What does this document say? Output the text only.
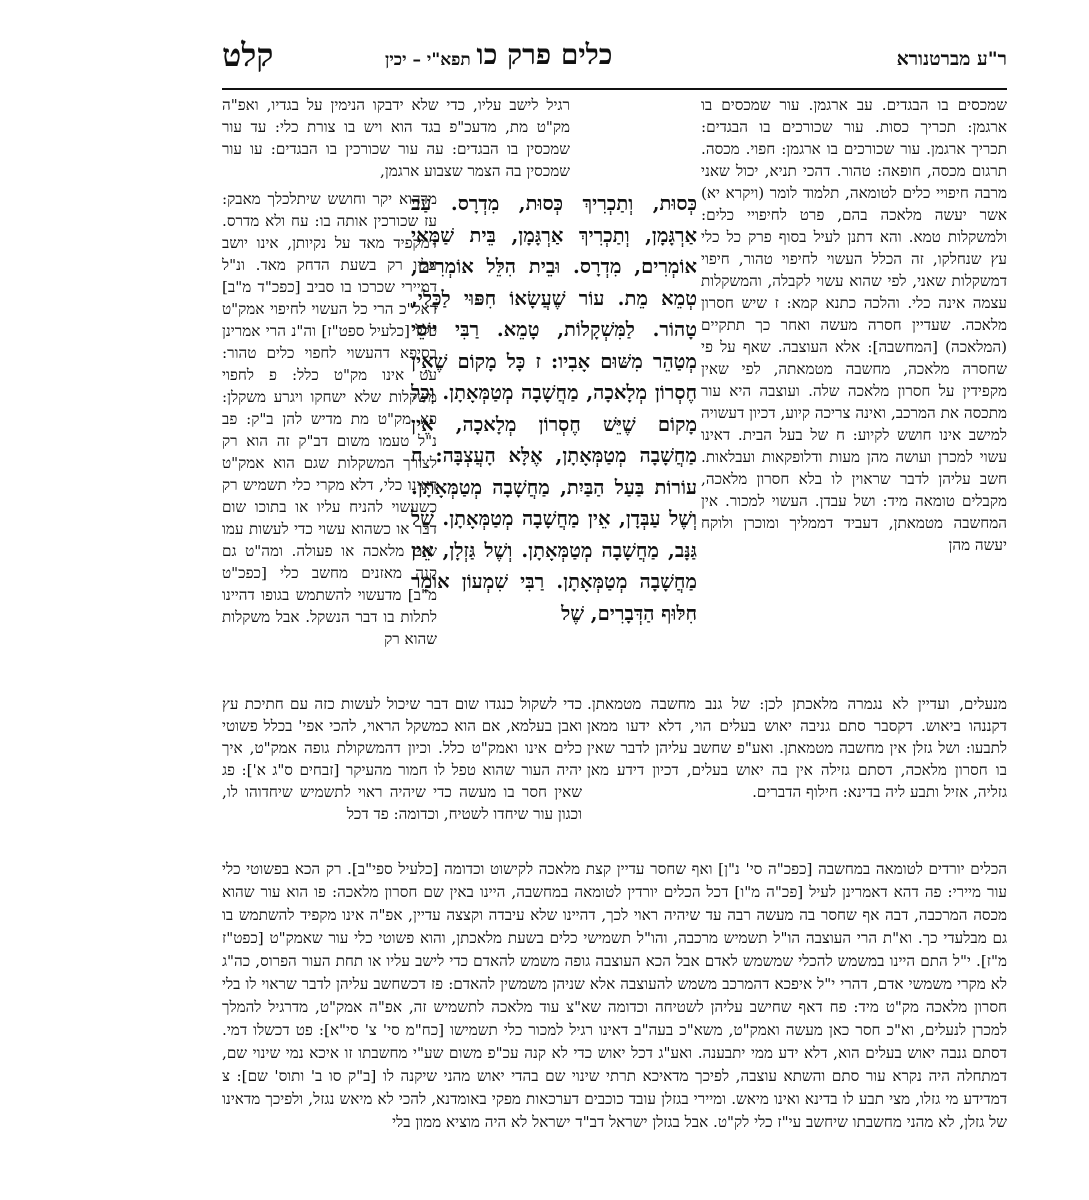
ר"ע מברטנורא
כלים פרק כו
תפא"י – יכין
קלט

שמכסים בו הבגדים. עב ארגמן. עור שמכסים בו ארגמן: תכריך כסות. עור שכורכים בו הבגדים: תכריך ארגמן. עור שכורכים בו ארגמן: חפוי. מכסה. תרגום מכסה, חופאה: טהור. דהכי תניא, יכול שאני מרבה חיפויי כלים לטומאה, תלמוד לומר (ויקרא יא) אשר יעשה מלאכה בהם, פרט לחיפויי כלים: ולמשקלות טמא. והא דתנן לעיל בסוף פרק כל כלי עץ שנחלקו, זה הכלל העשוי לחיפוי טהור, חיפוי דמשקלות שאני, לפי שהוא עשוי לקבלה, והמשקלות עצמה אינה כלי. והלכה כתנא קמא: ז שיש חסרון מלאכה. שעדיין חסרה מעשה ואחר כך תתקיים (המלאכה) [המחשבה]: אלא העוצבה. שאף על פי שחסרה מלאכה, מחשבה מטמאתה, לפי שאין מקפידין על חסרון מלאכה שלה. ועוצבה היא עור מתכסה את המרכב, ואינה צריכה קיוע, דכיון דעשויה למישב אינו חושש לקיוע: ח של בעל הבית. דאינו עשוי למכרן ועושה מהן מעות ודלופקאות ועבלאות. חשב עליהן לדבר שראוין לו בלא חסרון מלאכה, מקבלים טומאה מיד: ושל עבדן. העשוי למכור. אין המחשבה מטמאתן, דעביד דממליך ומוכרן ולוקח יעשה מהן

רגיל לישב עליו, כדי שלא ידבקו הנימין על בגדיו, ואפ"ה מק"ט מת, מדעכ"פ בגד הוא ויש בו צורת כלי: עד עור שמכסין בו הבגדים: עה עור שכורכין בו הבגדים: עו עור שמכסין בה הצמר שצבוע ארגמן,

כְּסוּת, וְתַכְרִיךְ כְּסוּת, מִדְרָס. עַב אַרְגָּמָן, וְתַכְרִיךְ אַרְגָּמָן, בֵּית שַׁמַּאי אוֹמְרִים, מִדְרָס. וּבֵית הִלֵּל אוֹמְרִים, טְמֵא מֵת. עוֹר שֶׁעֲשָׂאוֹ חִפּוּי לַכֶּלִי, טָהוֹר. לַמִּשְׁקָלוֹת, טָמֵא. רַבִּי יוֹסֵי מְטַהֵר מִשּׁוּם אָבִיו: ז כָּל מָקוֹם שֶׁאֵין חֶסְרוֹן מְלָאכָה, מַחֲשָׁבָה מְטַמְּאָתָן. וְכָל מָקוֹם שֶׁיֵּשׁ חֶסְרוֹן מְלָאכָה, אֵין מַחֲשָׁבָה מְטַמְּאָתָן, אֶלָּא הָעֲצְבָּה: ח עוֹרוֹת בַּעַל הַבַּיִת, מַחֲשָׁבָה מְטַמְּאָתָן. וְשֶׁל עַבְּדָן, אֵין מַחֲשָׁבָה מְטַמְּאָתָן. שֶׁל גַּנָּב, מַחֲשָׁבָה מְטַמְּאָתָן. וְשֶׁל גַּזְלָן, אֵין מַחֲשָׁבָה מְטַמְּאָתָן. רַבִּי שִׁמְעוֹן אוֹמֵר חִלּוּף הַדְּבָרִים, שֶׁל

מדהוא יקר וחושש שיתלכלך מאבק: עז שכורכין אותה בו: עח ולא מדרס. דמקפיד מאד על נקיותן, אינו יושב עליו רק בשעת הדחק מאד. ונ"ל דמיירי שכרכו בו סביב [כפכ"ד מ"ב] דאל"כ הרי כל העשוי לחיפוי אמק"ט כלל [כלעיל ספט"ז] וה"נ הרי אמרינן בסיפא דהעשוי לחפוי כלים טהור: עט אינו מק"ט כלל: פ לחפוי משקלות שלא ישחקו ויגרע משקלן: פא מק"ט מת מדיש להן ב"ק: פב נ"ל טעמו משום דב"ק זה הוא רק לצורך המשקלות שגם הוא אמק"ט דאינו כלי, דלא מקרי כלי תשמיש רק כשעשוי להניח עליו או בתוכו שום דבר או כשהוא עשוי כדי לעשות עמו שום מלאכה או פעולה. ומה"ט גם קנה מאזנים מחשב כלי [כפכ"ט מ"ב] מדעשוי להשתמש בגופו דהיינו לתלות בו דבר הנשקל. אבל משקלות שהוא רק

מנעלים, ועדיין לא נגמרה מלאכתן לכן: של גנב מחשבה מטמאתן. דקננהו ביאוש. דקסבר סתם גניבה יאוש בעלים הוי, דלא ידעו ממאן לתבעו: ושל גזלן אין מחשבה מטמאתן. ואע"פ שחשב עליהן לדבר שאין בו חסרון מלאכה, דסתם גזילה אין בה יאוש בעלים, דכיון דידע מאן גזליה, אזיל ותבע ליה בדינא: חילוף הדברים.

כדי לשקול כנגדו שום דבר שיכול לעשות כזה עם חתיכת עץ ואבן בעלמא, אם הוא כמשקל הראוי, להכי אפי' בכלל פשוטי כלים אינו ואמק"ט כלל. וכיון דהמשקולת גופה אמק"ט, איך יהיה העור שהוא טפל לו חמור מהעיקר [זבחים ס"ג א']: פג שאין חסר בו מעשה כדי שיהיה ראוי לתשמיש שיחדוהו לו, וכגון עור שיחדו לשטיח, וכדומה: פד דכל

הכלים יורדים לטומאה במחשבה [כפכ"ה סי' נ"ן] ואף שחסר עדיין קצת מלאכה לקישוט וכדומה [כלעיל ספי"ב]. רק הכא בפשוטי כלי עור מיירי: פה דהא דאמרינן לעיל [פכ"ה מ"ו] דכל הכלים יורדין לטומאה במחשבה, היינו באין שם חסרון מלאכה: פו הוא עור שהוא מכסה המרכבה, דבה אף שחסר בה מעשה רבה עד שיהיה ראוי לכך, דהיינו שלא עיבדה וקצצה עדיין, אפ"ה אינו מקפיד להשתמש בו גם מבלעדי כך. וא"ת הרי העוצבה הו"ל תשמיש מרכבה, והו"ל תשמישי כלים בשעת מלאכתן, והוא פשוטי כלי עור שאמק"ט [כפט"ז מ"ז]. י"ל התם היינו במשמש להכלי שמשמש לאדם אבל הכא העוצבה גופה משמש להאדם כדי לישב עליו או תחת העור הפרוס, כה"ג לא מקרי משמשי אדם, דהרי י"ל איפכא דהמרכב משמש להעוצבה אלא שניהן משמשין להאדם: פז דכשחשב עליהן לדבר שראוי לו בלי חסרון מלאכה מק"ט מיד: פח דאף שחישב עליהן לשטיחה וכדומה שא"צ עוד מלאכה לתשמיש זה, אפ"ה אמק"ט, מדרגיל להמלך למכרן לנעלים, וא"כ חסר כאן מעשה ואמק"ט, משא"כ בעה"ב דאינו רגיל למכור כלי תשמישו [כח"מ סי' צ' סי"א]: פט דכשלו דמי. דסתם גנבה יאוש בעלים הוא, דלא ידע ממי יתבענה. ואע"ג דכל יאוש כדי לא קנה עכ"פ משום שע"י מחשבתו זו איכא נמי שינוי שם, דמתחלה היה נקרא עור סתם והשתא עוצבה, לפיכך מדאיכא תרתי שינוי שם בהדי יאוש מהני שיקנה לו [ב"ק סו ב' ותוס' שם]: צ דמדידע מי גזלו, מצי תבע לו בדינא ואינו מיאש. ומיירי בגזלן עובד כוכבים דערכאות מפקי באומדנא, להכי לא מיאש נגזל, ולפיכך מדאינו של גזלן, לא מהני מחשבתו שיחשב עי"ז כלי לק"ט. אבל בגזלן ישראל דב"ד ישראל לא היה מוציא ממון בלי
